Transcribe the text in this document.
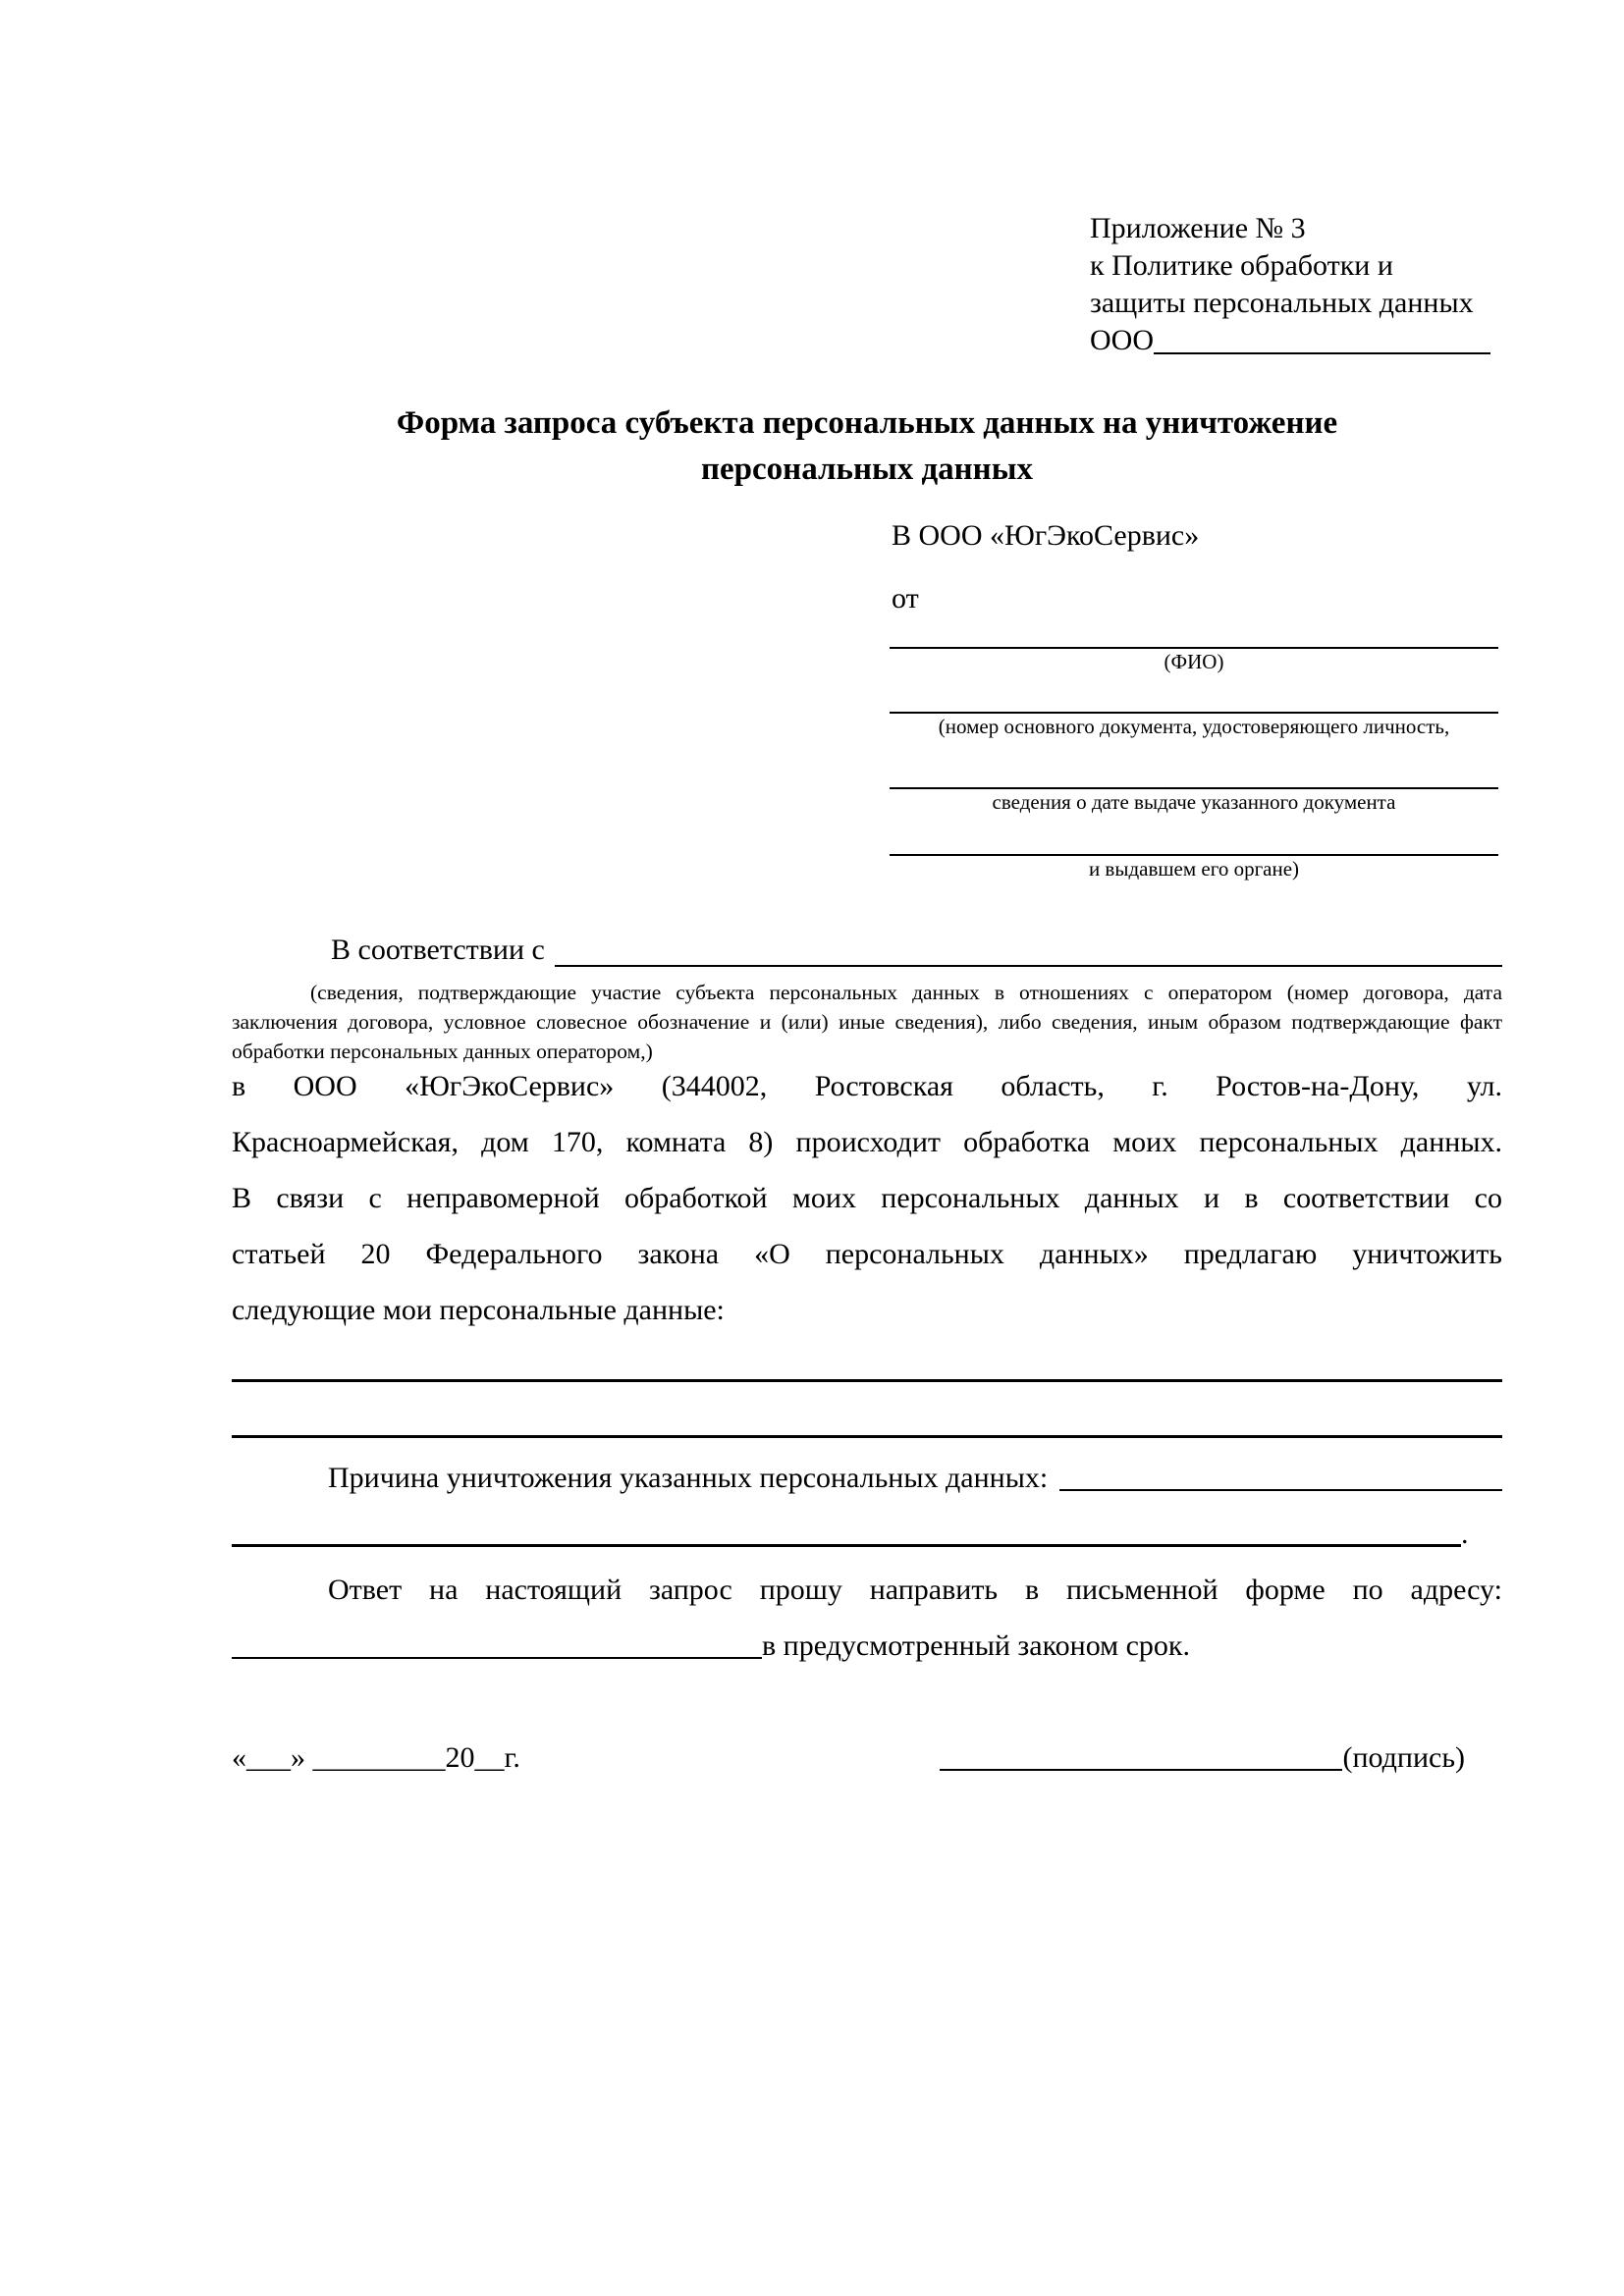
Приложение № 3
к Политике обработки и
защиты персональных данных
ООО
Форма запроса субъекта персональных данных на уничтожение
персональных данных
В ООО «ЮгЭкоСервис»
от
(ФИО)
(номер основного документа, удостоверяющего личность,
сведения о дате выдаче указанного документа
и выдавшем его органе)
В соответствии с
(сведения, подтверждающие участие субъекта персональных данных в отношениях с оператором (номер договора, дата
заключения договора, условное словесное обозначение и (или) иные сведения), либо сведения, иным образом подтверждающие факт
обработки персональных данных оператором,)
в ООО «ЮгЭкоСервис» (344002, Ростовская область, г. Ростов-на-Дону, ул.
Красноармейская, дом 170, комната 8) происходит обработка моих персональных данных.
В связи с неправомерной обработкой моих персональных данных и в соответствии со
статьей 20 Федерального закона «О персональных данных» предлагаю уничтожить
следующие мои персональные данные:
Причина уничтожения указанных персональных данных:
.
Ответ на настоящий запрос прошу направить в письменной форме по адресу:
в предусмотренный законом срок.
«___» _________20__г.	(подпись)
